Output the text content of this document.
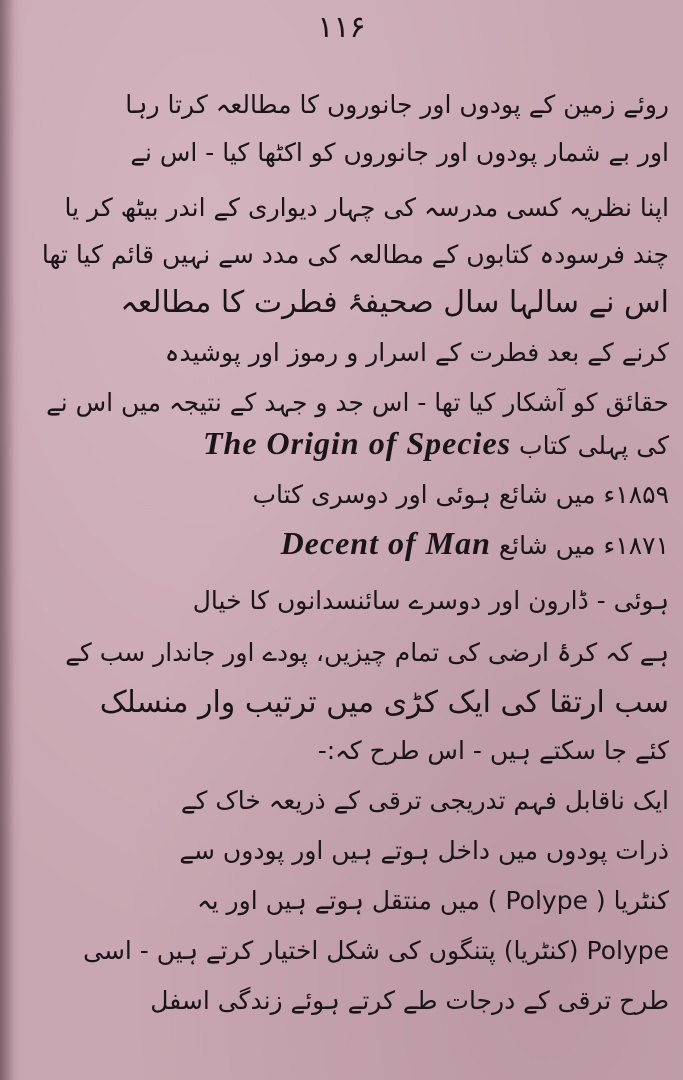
۱۱۶
روئے زمین کے پودوں اور جانوروں کا مطالعہ کرتا رہا
اور بے شمار پودوں اور جانوروں کو اکٹھا کیا - اس نے
اپنا نظریہ کسی مدرسہ کی چہار دیواری کے اندر بیٹھ کر یا
چند فرسودہ کتابوں کے مطالعہ کی مدد سے نہیں قائم کیا تھا
اس نے سالہا سال صحیفۂ فطرت کا مطالعہ
کرنے کے بعد فطرت کے اسرار و رموز اور پوشیدہ
حقائق کو آشکار کیا تھا - اس جد و جہد کے نتیجہ میں اس نے
کی پہلی کتاب The Origin of Species
۱۸۵۹ء میں شائع ہوئی اور دوسری کتاب
۱۸۷۱ء میں شائع Decent of Man
ہوئی - ڈارون اور دوسرے سائنسدانوں کا خیال
ہے کہ کرۂ ارضی کی تمام چیزیں، پودے اور جاندار سب کے
سب ارتقا کی ایک کڑی میں ترتیب وار منسلک
کئے جا سکتے ہیں - اس طرح کہ:-
ایک ناقابل فہم تدریجی ترقی کے ذریعہ خاک کے
ذرات پودوں میں داخل ہوتے ہیں اور پودوں سے
کنٹریا ( Polype ) میں منتقل ہوتے ہیں اور یہ
Polype (کنٹریا) پتنگوں کی شکل اختیار کرتے ہیں - اسی
طرح ترقی کے درجات طے کرتے ہوئے زندگی اسفل
